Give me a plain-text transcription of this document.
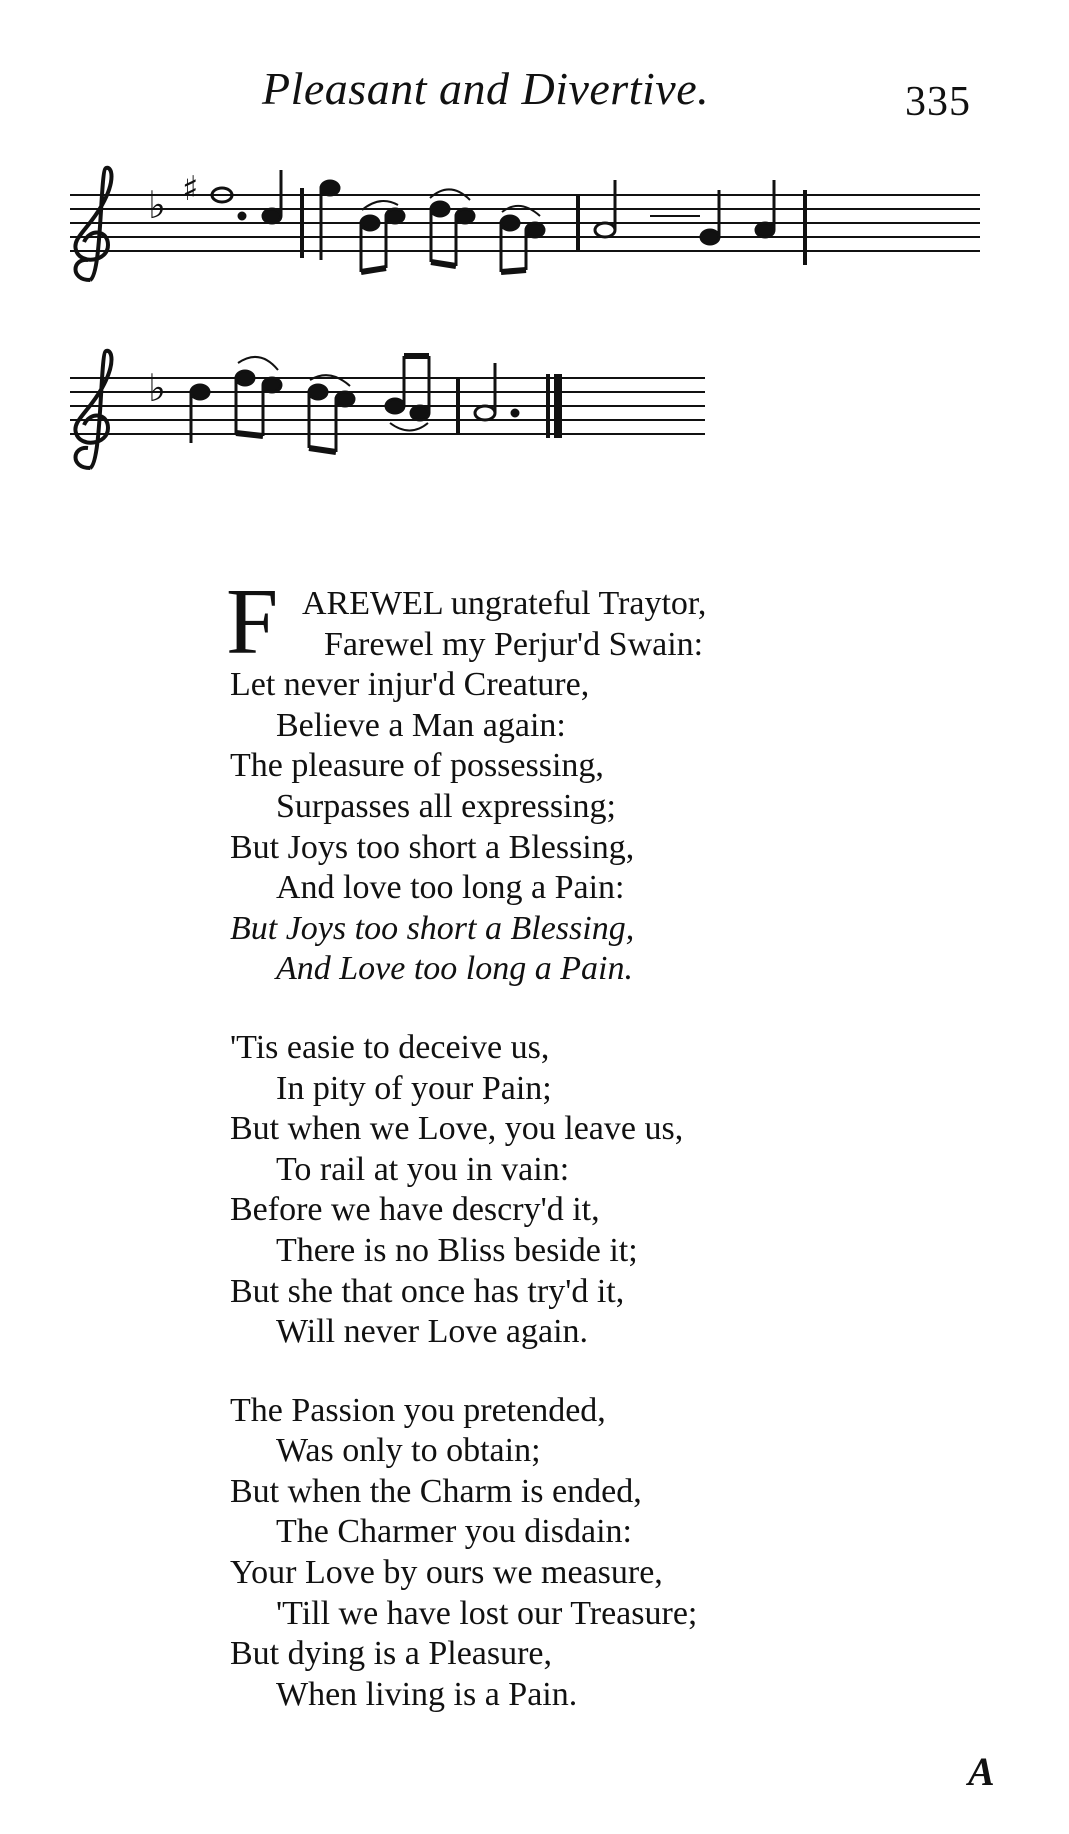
Pleasant and Divertive.	335
♭ ♯
♭
F AREWEL ungrateful Traytor,
Farewel my Perjur'd Swain:
Let never injur'd Creature,
Believe a Man again:
The pleasure of possessing,
Surpasses all expressing;
But Joys too short a Blessing,
And love too long a Pain:
But Joys too short a Blessing,
And Love too long a Pain.
'Tis easie to deceive us,
In pity of your Pain;
But when we Love, you leave us,
To rail at you in vain:
Before we have descry'd it,
There is no Bliss beside it;
But she that once has try'd it,
Will never Love again.
The Passion you pretended,
Was only to obtain;
But when the Charm is ended,
The Charmer you disdain:
Your Love by ours we measure,
'Till we have lost our Treasure;
But dying is a Pleasure,
When living is a Pain.
A
